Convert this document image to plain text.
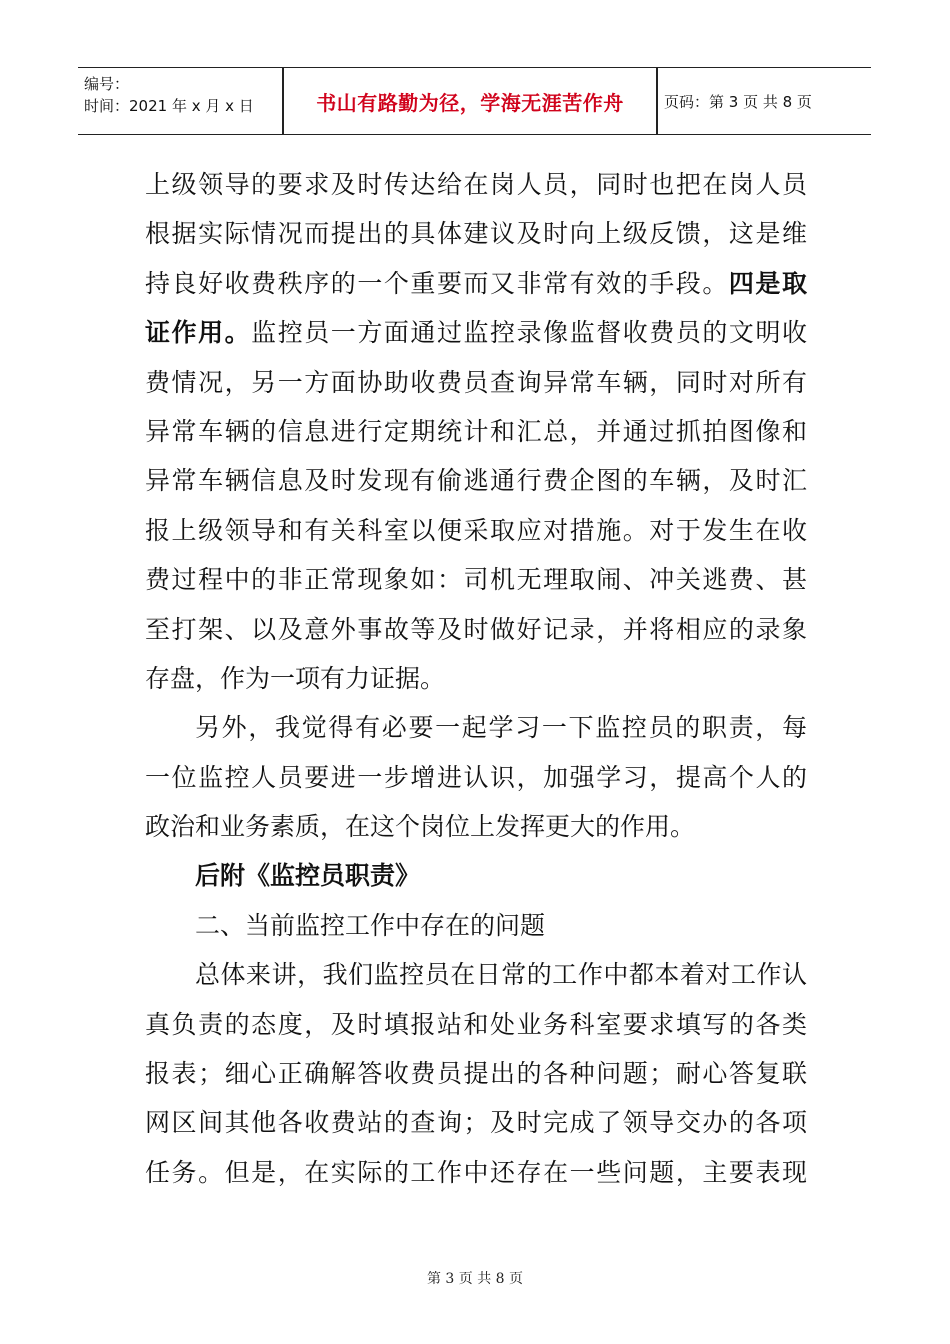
编号：
时间：2021 年 x 月 x 日	书山有路勤为径，学海无涯苦作舟	页码：第 3 页 共 8 页
上级领导的要求及时传达给在岗人员，同时也把在岗人员
根据实际情况而提出的具体建议及时向上级反馈，这是维
持良好收费秩序的一个重要而又非常有效的手段。四是取
证作用。监控员一方面通过监控录像监督收费员的文明收
费情况，另一方面协助收费员查询异常车辆，同时对所有
异常车辆的信息进行定期统计和汇总，并通过抓拍图像和
异常车辆信息及时发现有偷逃通行费企图的车辆，及时汇
报上级领导和有关科室以便采取应对措施。对于发生在收
费过程中的非正常现象如：司机无理取闹、冲关逃费、甚
至打架、以及意外事故等及时做好记录，并将相应的录象
存盘，作为一项有力证据。
另外，我觉得有必要一起学习一下监控员的职责，每
一位监控人员要进一步增进认识，加强学习，提高个人的
政治和业务素质，在这个岗位上发挥更大的作用。
后附《监控员职责》
二、当前监控工作中存在的问题
总体来讲，我们监控员在日常的工作中都本着对工作认
真负责的态度，及时填报站和处业务科室要求填写的各类
报表；细心正确解答收费员提出的各种问题；耐心答复联
网区间其他各收费站的查询；及时完成了领导交办的各项
任务。但是，在实际的工作中还存在一些问题，主要表现
第 3 页 共 8 页
